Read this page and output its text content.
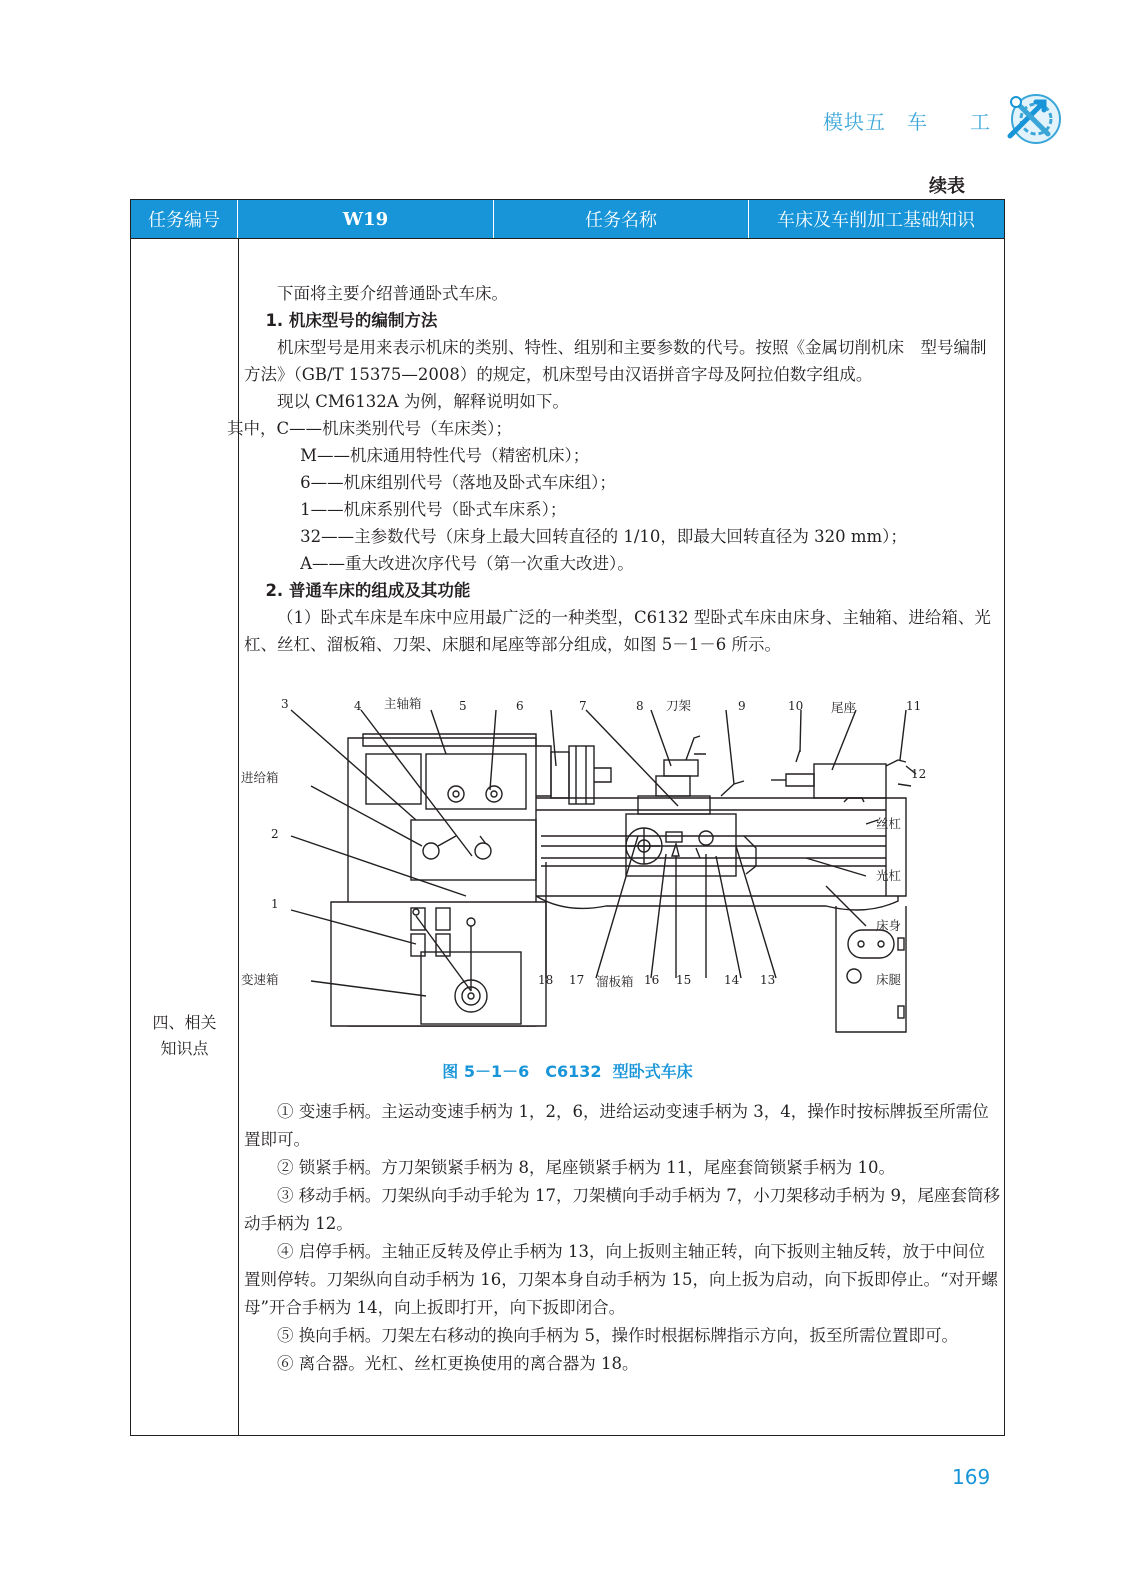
模块五　车　　工
续表
任务编号	W19	任务名称	车床及车削加工基础知识
四、相关
知识点

下面将主要介绍普通卧式车床。

1. 机床型号的编制方法

机床型号是用来表示机床的类别、特性、组别和主要参数的代号。按照《金属切削机床　型号编制方法》（GB/T 15375—2008）的规定，机床型号由汉语拼音字母及阿拉伯数字组成。

现以 CM6132A 为例，解释说明如下。

其中，C——机床类别代号（车床类）；

M——机床通用特性代号（精密机床）；

6——机床组别代号（落地及卧式车床组）；

1——机床系别代号（卧式车床系）；

32——主参数代号（床身上最大回转直径的 1/10，即最大回转直径为 320 mm）；

A——重大改进次序代号（第一次重大改进）。

2. 普通车床的组成及其功能

（1）卧式车床是车床中应用最广泛的一种类型，C6132 型卧式车床由床身、主轴箱、进给箱、光杠、丝杠、溜板箱、刀架、床腿和尾座等部分组成，如图 5－1－6 所示。

3	4 主轴箱	5	6	7	8 刀架	9	10 尾座	11
12
进给箱
丝杠
2
光杠
1
床身
变速箱	18 17 溜板箱 16 15	14 13	床腿
图 5－1－6　C6132  型卧式车床

① 变速手柄。主运动变速手柄为 1，2，6，进给运动变速手柄为 3，4，操作时按标牌扳至所需位置即可。

② 锁紧手柄。方刀架锁紧手柄为 8，尾座锁紧手柄为 11，尾座套筒锁紧手柄为 10。

③ 移动手柄。刀架纵向手动手轮为 17，刀架横向手动手柄为 7，小刀架移动手柄为 9，尾座套筒移动手柄为 12。

④ 启停手柄。主轴正反转及停止手柄为 13，向上扳则主轴正转，向下扳则主轴反转，放于中间位置则停转。刀架纵向自动手柄为 16，刀架本身自动手柄为 15，向上扳为启动，向下扳即停止。“对开螺母”开合手柄为 14，向上扳即打开，向下扳即闭合。

⑤ 换向手柄。刀架左右移动的换向手柄为 5，操作时根据标牌指示方向，扳至所需位置即可。

⑥ 离合器。光杠、丝杠更换使用的离合器为 18。

169
